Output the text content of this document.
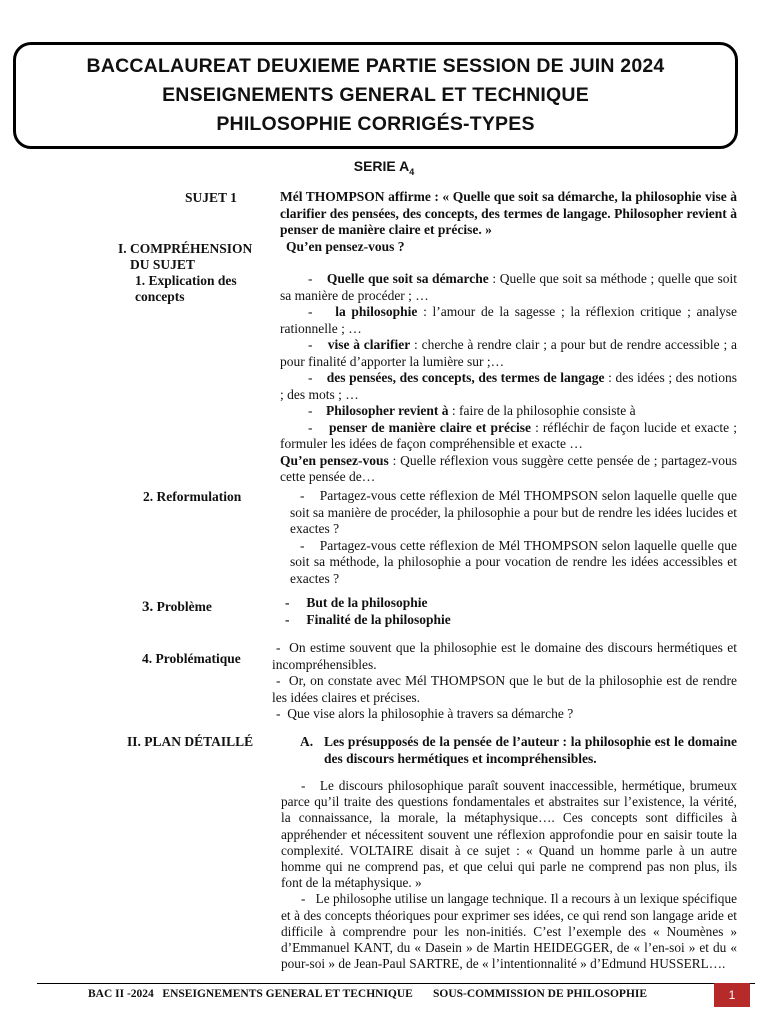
BACCALAUREAT DEUXIEME PARTIE SESSION DE JUIN 2024
ENSEIGNEMENTS GENERAL ET TECHNIQUE
PHILOSOPHIE CORRIGÉS-TYPES
SERIE $A_4$
SUJET 1
I. COMPRÉHENSION
DU SUJET
1. Explication des
concepts
2. Reformulation
3. Problème
4. Problématique
II. PLAN DÉTAILLÉ
Mél THOMPSON affirme : « Quelle que soit sa démarche, la philosophie vise à clarifier des pensées, des concepts, des termes de langage. Philosopher revient à penser de manière claire et précise. »
Qu’en pensez-vous ?

-    Quelle que soit sa démarche : Quelle que soit sa méthode ; quelle que soit sa manière de procéder ; …

-    la philosophie : l’amour de la sagesse ; la réflexion critique ; analyse rationnelle ; …

-    vise à clarifier : cherche à rendre clair ; a pour but de rendre accessible ; a pour finalité d’apporter la lumière sur ;…

-    des pensées, des concepts, des termes de langage : des idées ; des notions ; des mots ; …

-    Philosopher revient à : faire de la philosophie consiste à

-    penser de manière claire et précise : réfléchir de façon lucide et exacte ; formuler les idées de façon compréhensible et exacte …

Qu’en pensez-vous : Quelle réflexion vous suggère cette pensée de ; partagez-vous cette pensée de…

-    Partagez-vous cette réflexion de Mél THOMPSON selon laquelle quelle que soit sa manière de procéder, la philosophie a pour but de rendre les idées lucides et exactes ?

-    Partagez-vous cette réflexion de Mél THOMPSON selon laquelle quelle que soit sa méthode, la philosophie a pour vocation de rendre les idées accessibles et exactes ?

-     But de la philosophie

-     Finalité de la philosophie

-  On estime souvent que la philosophie est le domaine des discours hermétiques et incompréhensibles.

-  Or, on constate avec Mél THOMPSON que le but de la philosophie est de rendre les idées claires et précises.

-  Que vise alors la philosophie à travers sa démarche ?

A. Les présupposés de la pensée de l’auteur : la philosophie est le domaine des discours hermétiques et incompréhensibles.

-   Le discours philosophique paraît souvent inaccessible, hermétique, brumeux parce qu’il traite des questions fondamentales et abstraites sur l’existence, la vérité, la connaissance, la morale, la métaphysique…. Ces concepts sont difficiles à appréhender et nécessitent souvent une réflexion approfondie pour en saisir toute la complexité. VOLTAIRE disait à ce sujet : « Quand un homme parle à un autre homme qui ne comprend pas, et que celui qui parle ne comprend pas non plus, ils font de la métaphysique. »

-   Le philosophe utilise un langage technique. Il a recours à un lexique spécifique et à des concepts théoriques pour exprimer ses idées, ce qui rend son langage aride et difficile à comprendre pour les non-initiés. C’est l’exemple des « Noumènes » d’Emmanuel KANT, du « Dasein » de Martin HEIDEGGER, de « l’en-soi » et du « pour-soi » de Jean-Paul SARTRE, de « l’intentionnalité » d’Edmund HUSSERL….

BAC II -2024   ENSEIGNEMENTS GENERAL ET TECHNIQUE       SOUS-COMMISSION DE PHILOSOPHIE	1
